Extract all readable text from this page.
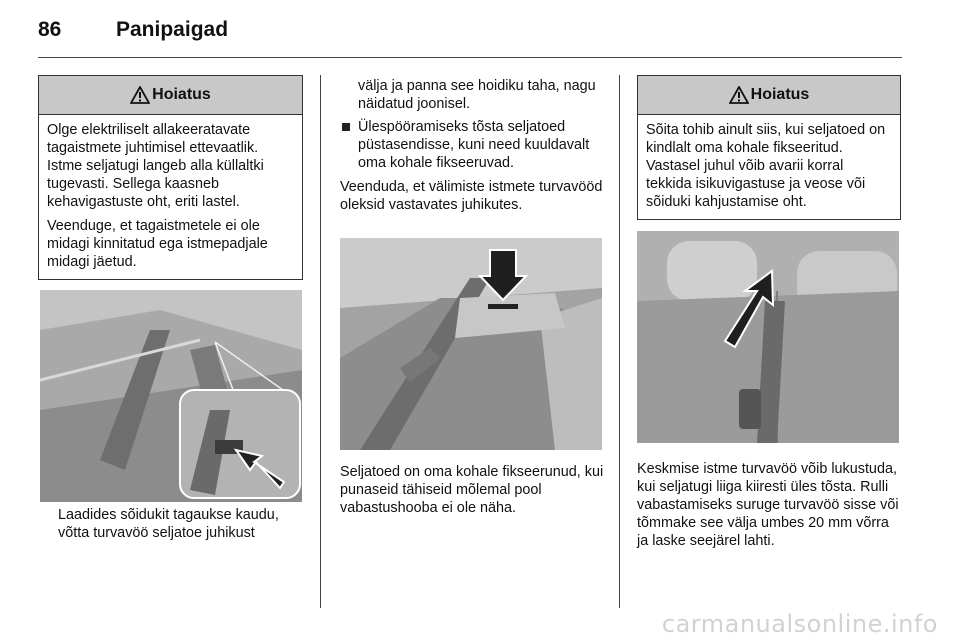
86	Panipaigad
Hoiatus

Olge elektriliselt allakeeratavate tagaistmete juhtimisel ettevaatlik. Istme seljatugi langeb alla küllaltki tugevasti. Sellega kaasneb kehavigastuste oht, eriti lastel.

Veenduge, et tagaistmetele ei ole midagi kinnitatud ega istmepadjale midagi jäetud.

Laadides sõidukit tagaukse kaudu, võtta turvavöö seljatoe juhikust

välja ja panna see hoidiku taha, nagu näidatud joonisel.

Ülespööramiseks tõsta seljatoed püstasendisse, kuni need kuuldavalt oma kohale fikseeruvad.

Veenduda, et välimiste istmete turvavööd oleksid vastavates juhikutes.

Seljatoed on oma kohale fikseerunud, kui punaseid tähiseid mõlemal pool vabastushooba ei ole näha.
Hoiatus

Sõita tohib ainult siis, kui seljatoed on kindlalt oma kohale fikseeritud. Vastasel juhul võib avarii korral tekkida isikuvigastuse ja veose või sõiduki kahjustamise oht.

Keskmise istme turvavöö võib lukustuda, kui seljatugi liiga kiiresti üles tõsta. Rulli vabastamiseks suruge turvavöö sisse või tõmmake see välja umbes 20 mm võrra ja laske seejärel lahti.
carmanualsonline.info
